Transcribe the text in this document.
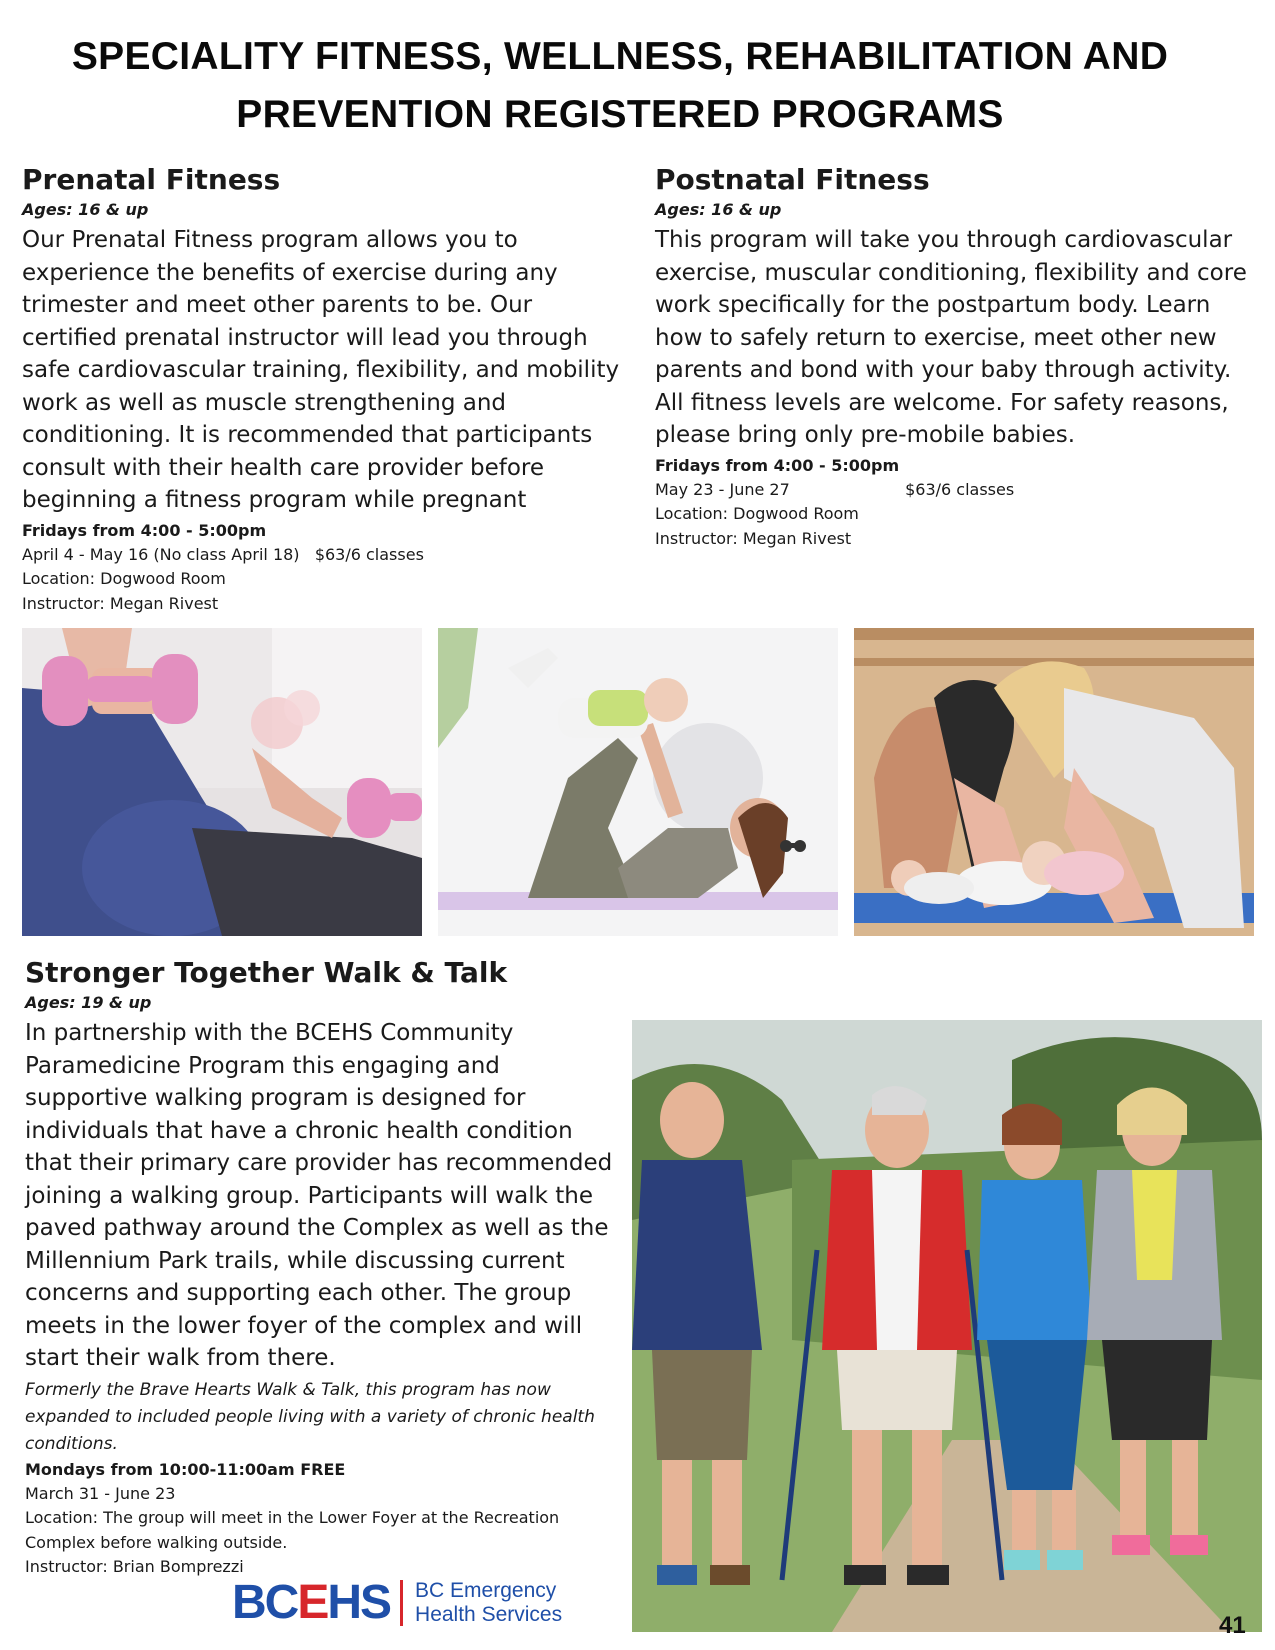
SPECIALITY FITNESS, WELLNESS, REHABILITATION AND
PREVENTION REGISTERED PROGRAMS
Prenatal Fitness
Ages: 16 & up
Our Prenatal Fitness program allows you to experience the benefits of exercise during any trimester and meet other parents to be. Our certified prenatal instructor will lead you through safe cardiovascular training, flexibility, and mobility work as well as muscle strengthening and conditioning. It is recommended that participants consult with their health care provider before beginning a fitness program while pregnant
Fridays from 4:00 - 5:00pm
April 4 - May 16 (No class April 18) $63/6 classes
Location: Dogwood Room
Instructor: Megan Rivest
Postnatal Fitness
Ages: 16 & up
This program will take you through cardiovascular exercise, muscular conditioning, flexibility and core work specifically for the postpartum body. Learn how to safely return to exercise, meet other new parents and bond with your baby through activity. All fitness levels are welcome. For safety reasons, please bring only pre-mobile babies.
Fridays from 4:00 - 5:00pm
May 23 - June 27	$63/6 classes
Location: Dogwood Room
Instructor: Megan Rivest
Stronger Together Walk & Talk
Ages: 19 & up
In partnership with the BCEHS Community Paramedicine Program this engaging and supportive walking program is designed for individuals that have a chronic health condition that their primary care provider has recommended joining a walking group. Participants will walk the paved pathway around the Complex as well as the Millennium Park trails, while discussing current concerns and supporting each other. The group meets in the lower foyer of the complex and will start their walk from there.
Formerly the Brave Hearts Walk & Talk, this program has now expanded to included people living with a variety of chronic health conditions.
Mondays from 10:00-11:00am FREE
March 31 - June 23
Location: The group will meet in the Lower Foyer at the Recreation Complex before walking outside.
Instructor: Brian Bomprezzi
BCEHS BC Emergency
Health Services	41
